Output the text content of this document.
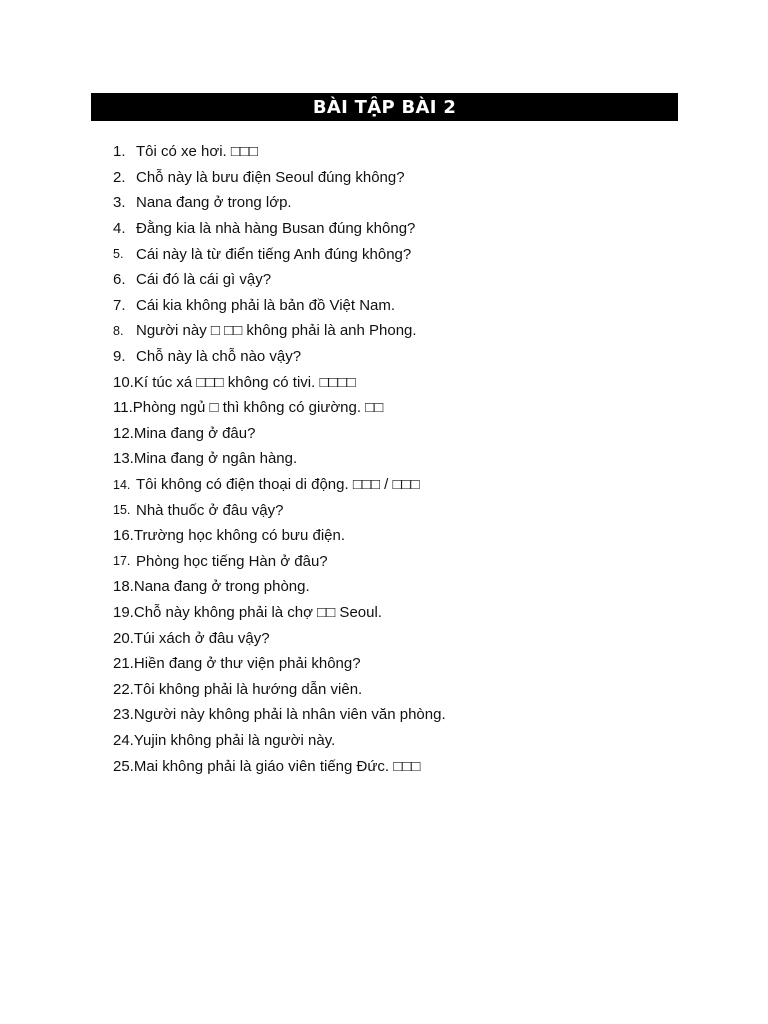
BÀI TẬP BÀI 2
1. Tôi có xe hơi. □□□
2. Chỗ này là bưu điện Seoul đúng không?
3. Nana đang ở trong lớp.
4. Đằng kia là nhà hàng Busan đúng không?
5. Cái này là từ điển tiếng Anh đúng không?
6. Cái đó là cái gì vậy?
7. Cái kia không phải là bản đồ Việt Nam.
8. Người này □ □□ không phải là anh Phong.
9. Chỗ này là chỗ nào vậy?
10. Kí túc xá □□□ không có tivi. □□□□
11. Phòng ngủ □ thì không có giường. □□
12. Mina đang ở đâu?
13. Mina đang ở ngân hàng.
14. Tôi không có điện thoại di động. □□□ / □□□
15. Nhà thuốc ở đâu vậy?
16. Trường học không có bưu điện.
17. Phòng học tiếng Hàn ở đâu?
18. Nana đang ở trong phòng.
19. Chỗ này không phải là chợ □□ Seoul.
20. Túi xách ở đâu vậy?
21. Hiền đang ở thư viện phải không?
22. Tôi không phải là hướng dẫn viên.
23. Người này không phải là nhân viên văn phòng.
24. Yujin không phải là người này.
25. Mai không phải là giáo viên tiếng Đức. □□□
